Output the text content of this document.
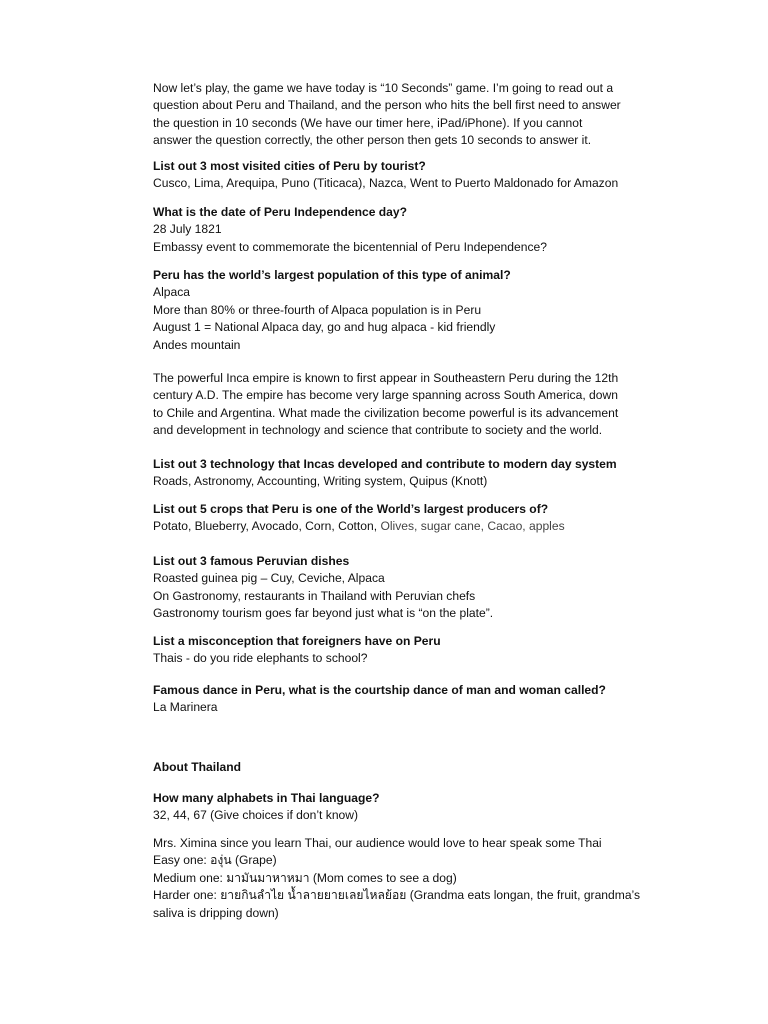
Now let’s play, the game we have today is “10 Seconds” game. I’m going to read out a
question about Peru and Thailand, and the person who hits the bell first need to answer
the question in 10 seconds (We have our timer here, iPad/iPhone). If you cannot
answer the question correctly, the other person then gets 10 seconds to answer it.
List out 3 most visited cities of Peru by tourist?
Cusco, Lima, Arequipa, Puno (Titicaca), Nazca, Went to Puerto Maldonado for Amazon
What is the date of Peru Independence day?
28 July 1821
Embassy event to commemorate the bicentennial of Peru Independence?
Peru has the world’s largest population of this type of animal?
Alpaca
More than 80% or three-fourth of Alpaca population is in Peru
August 1 = National Alpaca day, go and hug alpaca - kid friendly
Andes mountain
The powerful Inca empire is known to first appear in Southeastern Peru during the 12th
century A.D. The empire has become very large spanning across South America, down
to Chile and Argentina. What made the civilization become powerful is its advancement
and development in technology and science that contribute to society and the world.
List out 3 technology that Incas developed and contribute to modern day system
Roads, Astronomy, Accounting, Writing system, Quipus (Knott)
List out 5 crops that Peru is one of the World’s largest producers of?
Potato, Blueberry, Avocado, Corn, Cotton, Olives, sugar cane, Cacao, apples
List out 3 famous Peruvian dishes
Roasted guinea pig – Cuy, Ceviche, Alpaca
On Gastronomy, restaurants in Thailand with Peruvian chefs
Gastronomy tourism goes far beyond just what is “on the plate”.
List a misconception that foreigners have on Peru
Thais - do you ride elephants to school?
Famous dance in Peru, what is the courtship dance of man and woman called?
La Marinera
About Thailand
How many alphabets in Thai language?
32, 44, 67 (Give choices if don’t know)
Mrs. Ximina since you learn Thai, our audience would love to hear speak some Thai
Easy one: องุ่น (Grape)
Medium one: มามันมาหาหมา (Mom comes to see a dog)
Harder one: ยายกินลำไย น้ำลายยายเลยไหลย้อย (Grandma eats longan, the fruit, grandma’s
saliva is dripping down)
